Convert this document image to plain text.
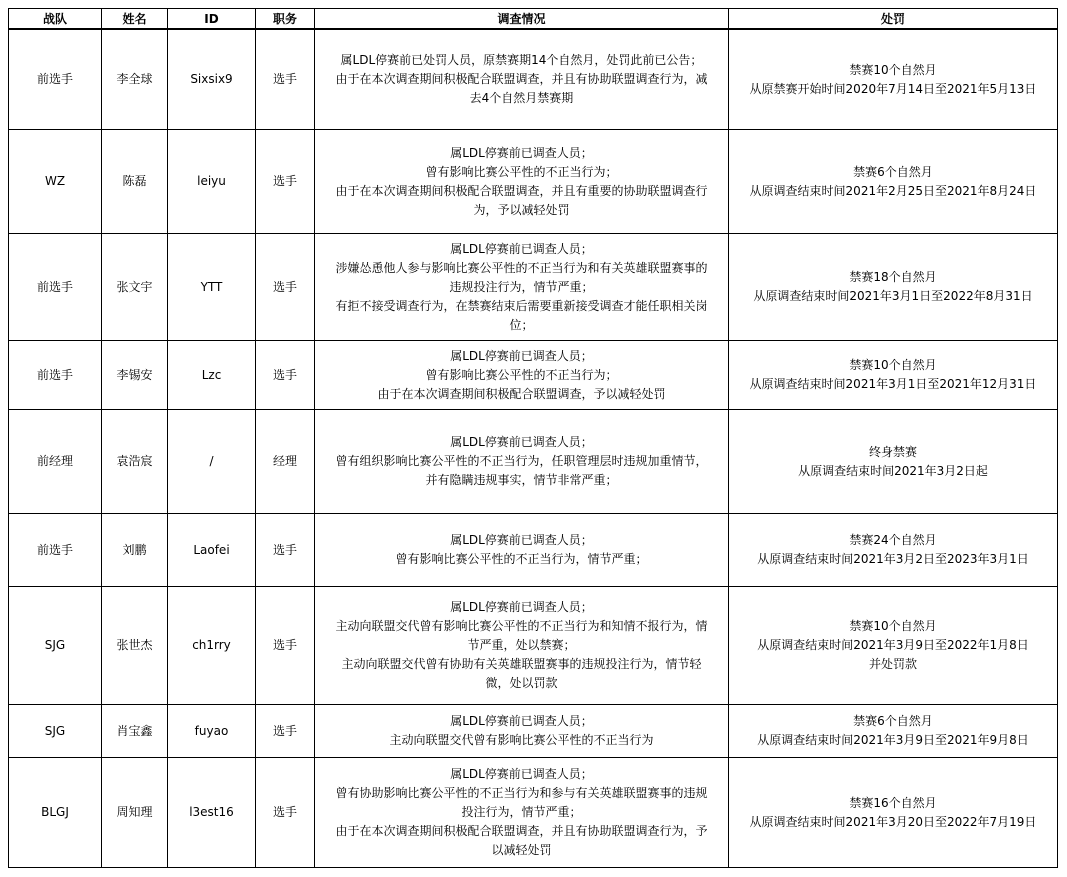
战队	姓名	ID	职务	调查情况	处罚
前选手	李全球	Sixsix9	选手	属LDL停赛前已处罚人员，原禁赛期14个自然月，处罚此前已公告；
由于在本次调查期间积极配合联盟调查，并且有协助联盟调查行为，减
去4个自然月禁赛期	禁赛10个自然月
从原禁赛开始时间2020年7月14日至2021年5月13日

WZ	陈磊	leiyu	选手	属LDL停赛前已调查人员；
曾有影响比赛公平性的不正当行为；
由于在本次调查期间积极配合联盟调查，并且有重要的协助联盟调查行
为，予以减轻处罚	禁赛6个自然月
从原调查结束时间2021年2月25日至2021年8月24日

前选手	张文宇	YTT	选手	属LDL停赛前已调查人员；
涉嫌怂恿他人参与影响比赛公平性的不正当行为和有关英雄联盟赛事的
违规投注行为，情节严重；
有拒不接受调查行为，在禁赛结束后需要重新接受调查才能任职相关岗
位；	禁赛18个自然月
从原调查结束时间2021年3月1日至2022年8月31日

前选手	李锡安	Lzc	选手	属LDL停赛前已调查人员；
曾有影响比赛公平性的不正当行为；
由于在本次调查期间积极配合联盟调查，予以减轻处罚	禁赛10个自然月
从原调查结束时间2021年3月1日至2021年12月31日

前经理	袁浩宸	/	经理	属LDL停赛前已调查人员；
曾有组织影响比赛公平性的不正当行为，任职管理层时违规加重情节，
并有隐瞒违规事实，情节非常严重；	终身禁赛
从原调查结束时间2021年3月2日起

前选手	刘鹏	Laofei	选手	属LDL停赛前已调查人员；
曾有影响比赛公平性的不正当行为，情节严重；	禁赛24个自然月
从原调查结束时间2021年3月2日至2023年3月1日

SJG	张世杰	ch1rry	选手	属LDL停赛前已调查人员；
主动向联盟交代曾有影响比赛公平性的不正当行为和知情不报行为，情
节严重，处以禁赛；
主动向联盟交代曾有协助有关英雄联盟赛事的违规投注行为，情节轻
微，处以罚款	禁赛10个自然月
从原调查结束时间2021年3月9日至2022年1月8日
并处罚款

SJG	肖宝鑫	fuyao	选手	属LDL停赛前已调查人员；
主动向联盟交代曾有影响比赛公平性的不正当行为	禁赛6个自然月
从原调查结束时间2021年3月9日至2021年9月8日

BLGJ	周知理	l3est16	选手	属LDL停赛前已调查人员；
曾有协助影响比赛公平性的不正当行为和参与有关英雄联盟赛事的违规
投注行为，情节严重；
由于在本次调查期间积极配合联盟调查，并且有协助联盟调查行为，予
以减轻处罚	禁赛16个自然月
从原调查结束时间2021年3月20日至2022年7月19日
